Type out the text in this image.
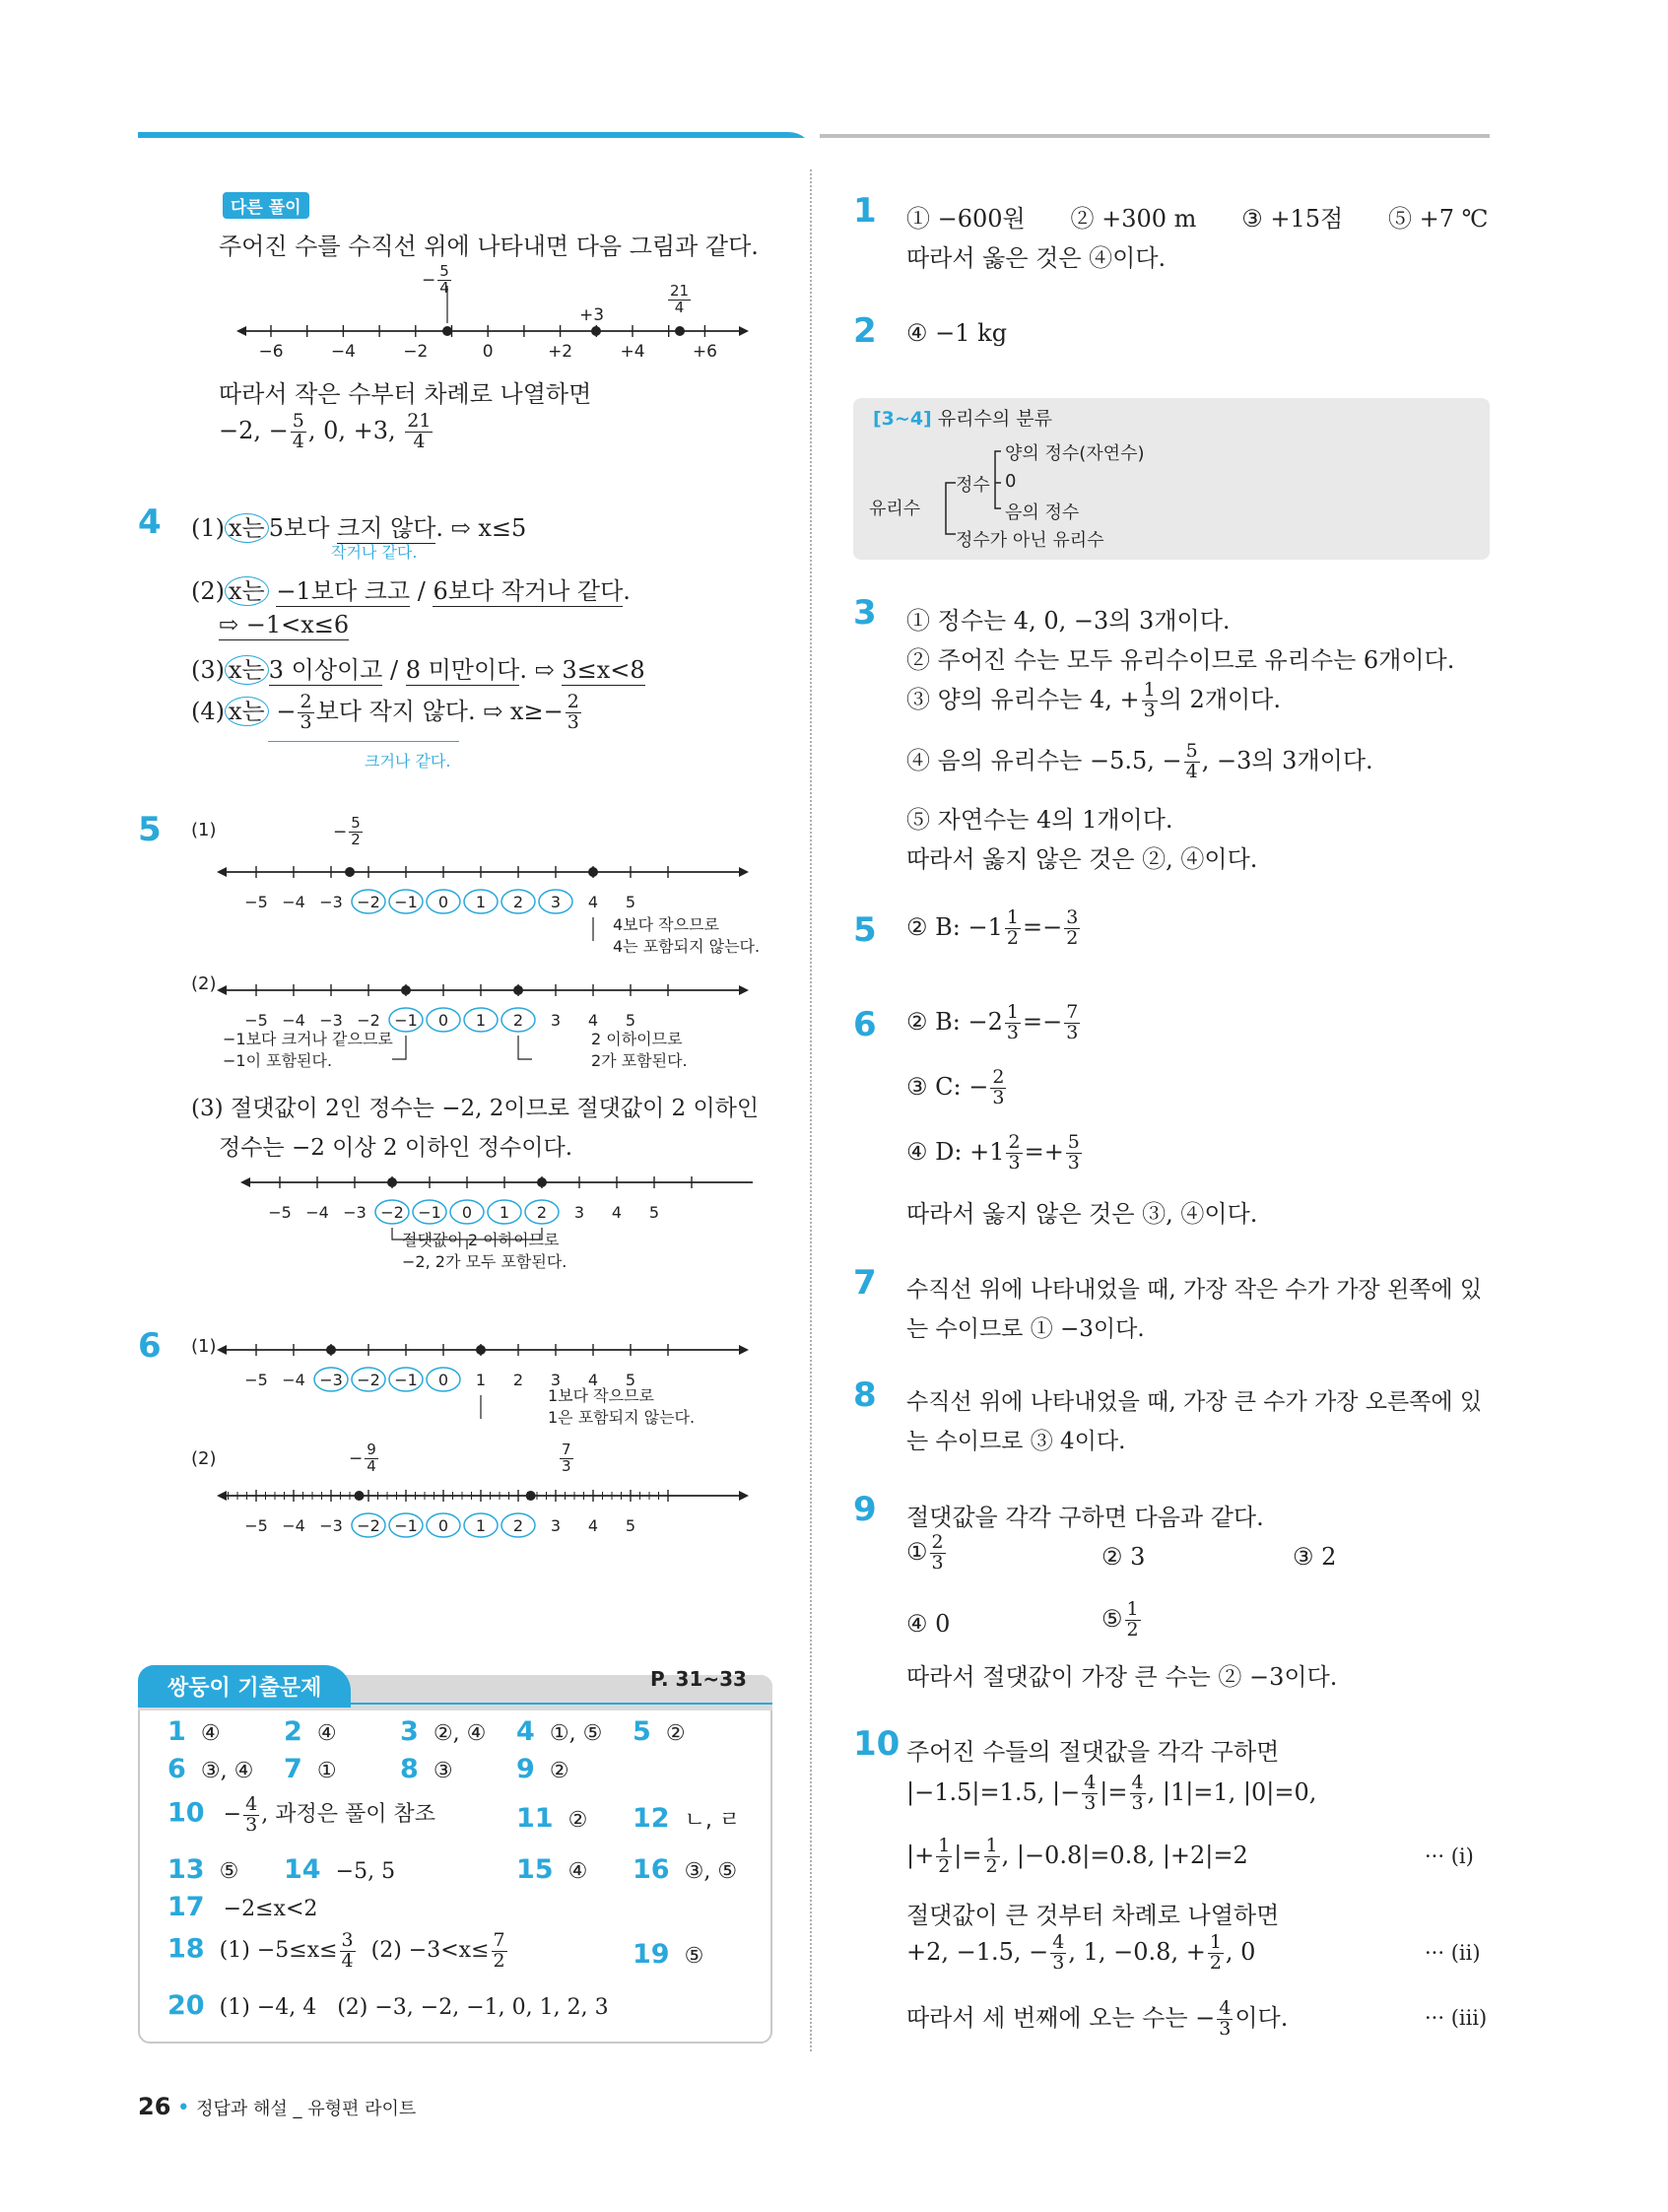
다른 풀이
주어진 수를 수직선 위에 나타내면 다음 그림과 같다.
−6	−4	−2	0	+2	+4	+6
− $\frac{5}{4}$
+3	$\frac{21}{4}$
따라서 작은 수부터 차례로 나열하면
−2, − $\frac{5}{4}$ , 0, +3, $\frac{21}{4}$
4 (1) x는 5보다 크지 않다. ⇨ x≤5
작거나 같다.
(2) x는 −1보다 크고 / 6보다 작거나 같다.
⇨ −1<x≤6
(3) x는 3 이상이고 / 8 미만이다. ⇨ 3≤x<8
(4) x는 − $\frac{2}{3}$ 보다 작지 않다. ⇨ $x\ge- \frac{2}{3}$
크거나 같다.
5 (1)	− $\frac{5}{2}$
−5 −4 −3 −2 −1 0 1 2 3 4 5
4보다 작으므로
4는 포함되지 않는다.
(2)
−5 −4 −3 −2 −1 0 1 2 3 4 5
−1보다 크거나 같으므로
−1이 포함된다.
2 이하이므로
2가 포함된다.
(3) 절댓값이 2인 정수는 −2, 2이므로 절댓값이 2 이하인
정수는 −2 이상 2 이하인 정수이다.
−5 −4 −3 −2 −1 0 1 2 3 4 5
절댓값이 2 이하이므로
−2, 2가 모두 포함된다.
6 (1)
−5 −4 −3 −2 −1 0 1 2 3 4 5
1보다 작으므로
1은 포함되지 않는다.
(2)	− $\frac{9}{4}$	$\frac{7}{3}$
−5 −4 −3 −2 −1 0 1 2 3 4 5
쌍둥이 기출문제	P. 31~33
1 ④ 2 ④ 3 ②, ④ 4 ①, ⑤ 5 ②
6 ③, ④ 7 ① 8 ③ 9 ②
$10 - \frac{4}{3}$ , 과정은 풀이 참조	11 ② 12 ㄴ, ㄹ
13 ⑤ 14 −5, 5	15 ④ 16 ③, ⑤
17 −2≤x<2
18 $(1) -5\le x\le \frac{3}{4} (2) -3<x\le \frac{7}{2}$	19 ⑤
20 (1) −4, 4   (2) −3, −2, −1, 0, 1, 2, 3
26 • 정답과 해설 _ 유형편 라이트
1 ① −600원      ② +300 m      ③ +15점      ⑤ +7 ℃
따라서 옳은 것은 ④이다.
2 ④ −1 kg
[3~4] 유리수의 분류
유리수
정수
양의 정수(자연수)
0
음의 정수
정수가 아닌 유리수
3 ① 정수는 4, 0, −3의 3개이다.
② 주어진 수는 모두 유리수이므로 유리수는 6개이다.
③ 양의 유리수는 4, + $\frac{1}{3}$ 의 2개이다.
④ 음의 유리수는 −5.5, − $\frac{5}{4}$ , −3의 3개이다.
⑤ 자연수는 4의 1개이다.
따라서 옳지 않은 것은 ②, ④이다.
5 ② B: $-1 \frac{1}{2} =- \frac{3}{2}$
6 ② B: $-2 \frac{1}{3} =- \frac{7}{3}$
③ C: − $\frac{2}{3}$
④ D: $+1 \frac{2}{3} =+ \frac{5}{3}$
따라서 옳지 않은 것은 ③, ④이다.
7 수직선 위에 나타내었을 때, 가장 작은 수가 가장 왼쪽에 있
는 수이므로 ① −3이다.
8 수직선 위에 나타내었을 때, 가장 큰 수가 가장 오른쪽에 있
는 수이므로 ③ 4이다.
9 절댓값을 각각 구하면 다음과 같다.
① $\frac{2}{3}$	② 3	③ 2
④ 0	⑤ $\frac{1}{2}$
따라서 절댓값이 가장 큰 수는 ② −3이다.
10 주어진 수들의 절댓값을 각각 구하면
|−1.5|=1.5, |− $\frac{4}{3}$ |= $\frac{4}{3}$ , |1|=1, |0|=0,
|+ $\frac{1}{2}$ |= $\frac{1}{2}$ , |−0.8|=0.8, |+2|=2	··· (ⅰ)
절댓값이 큰 것부터 차례로 나열하면
+2, −1.5, − $\frac{4}{3}$ , 1, −0.8, + $\frac{1}{2}$ , 0	··· (ⅱ)
따라서 세 번째에 오는 수는 − $\frac{4}{3}$ 이다.	··· (ⅲ)
